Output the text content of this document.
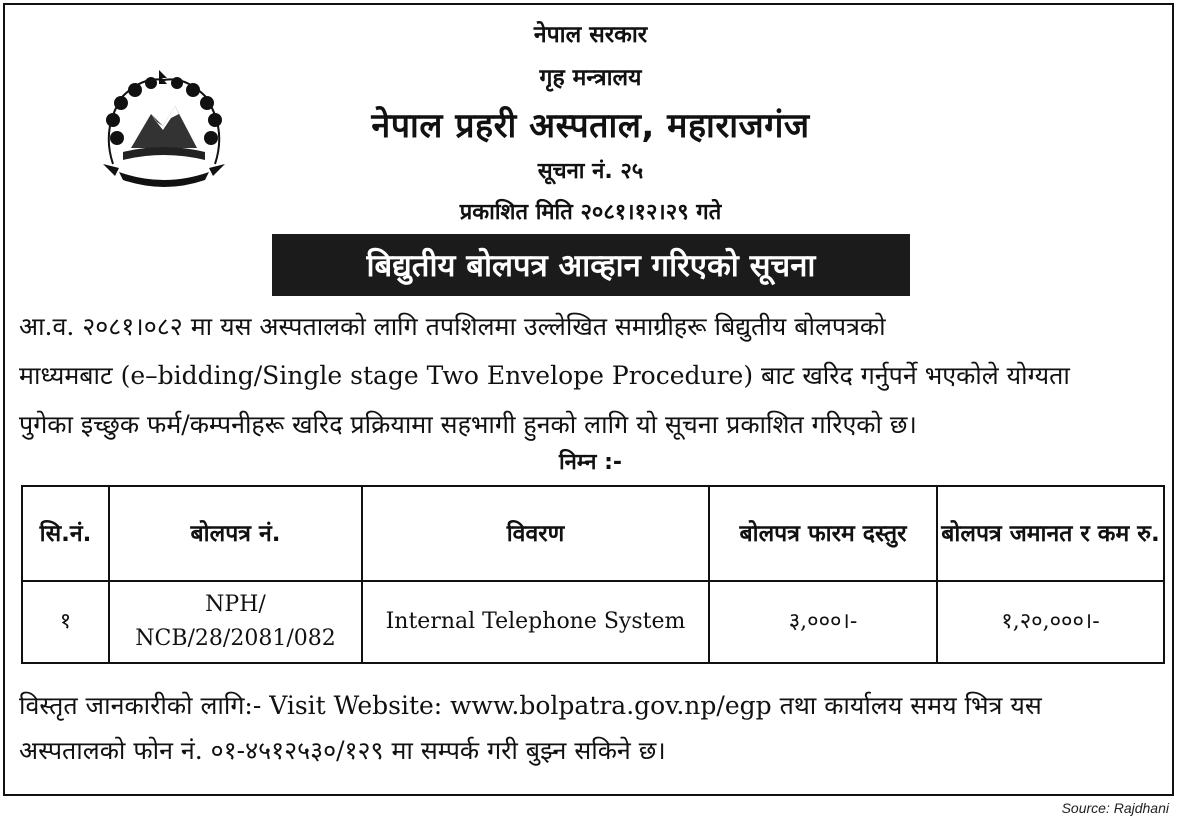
नेपाल सरकार
गृह मन्त्रालय
नेपाल प्रहरी अस्पताल, महाराजगंज
सूचना नं. २५
प्रकाशित मिति २०८१।१२।२९ गते
बिद्युतीय बोलपत्र आव्हान गरिएको सूचना
आ.व. २०८१।०८२ मा यस अस्पतालको लागि तपशिलमा उल्लेखित समाग्रीहरू बिद्युतीय बोलपत्रको
माध्यमबाट (e–bidding/Single stage Two Envelope Procedure) बाट खरिद गर्नुपर्ने भएकोले योग्यता
पुगेका इच्छुक फर्म/कम्पनीहरू खरिद प्रक्रियामा सहभागी हुनको लागि यो सूचना प्रकाशित गरिएको छ।
निम्न :-
सि.नं.	बोलपत्र नं.	विवरण	बोलपत्र फारम दस्तुर	बोलपत्र जमानत र कम रु.
१	NPH/ NCB/28/2081/082	Internal Telephone System	३,०००।-	१,२०,०००।-
विस्तृत जानकारीको लागि:- Visit Website: www.bolpatra.gov.np/egp तथा कार्यालय समय भित्र यस
अस्पतालको फोन नं. ०१-४५१२५३०/१२९ मा सम्पर्क गरी बुझ्न सकिने छ।
Source: Rajdhani
